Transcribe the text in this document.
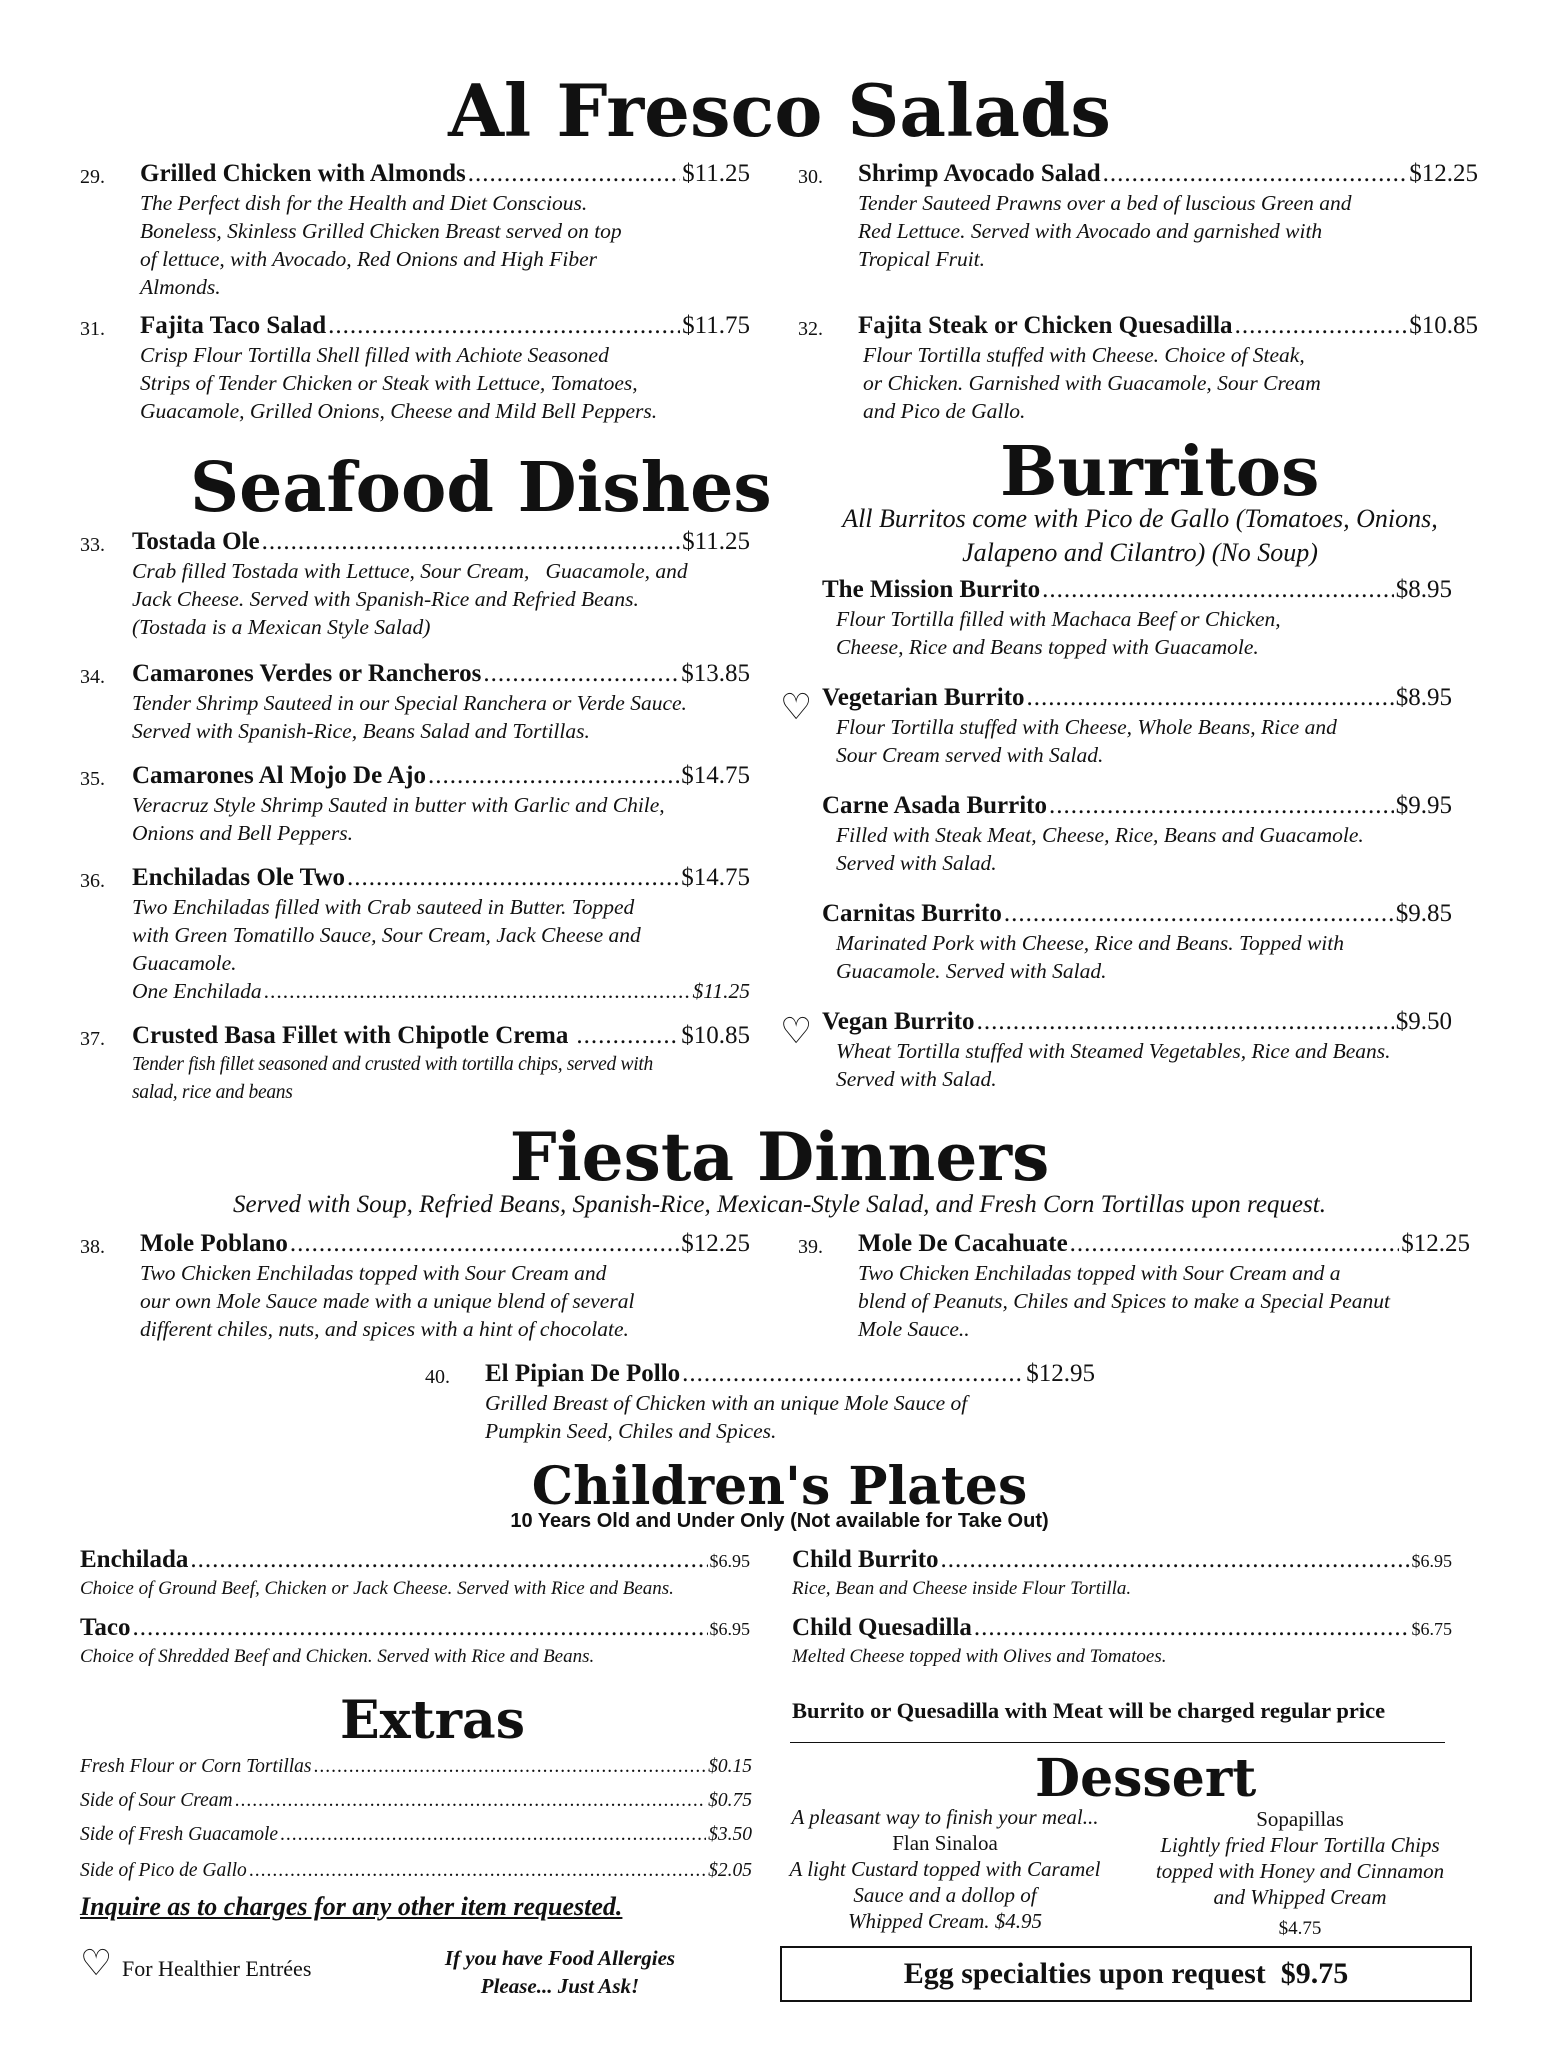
Al Fresco Salads
29. Grilled Chicken with Almonds .....	$11.25
The Perfect dish for the Health and Diet Conscious.
Boneless, Skinless Grilled Chicken Breast served on top
of lettuce, with Avocado, Red Onions and High Fiber
Almonds.
30. Shrimp Avocado Salad .....	$12.25
Tender Sauteed Prawns over a bed of luscious Green and
Red Lettuce. Served with Avocado and garnished with
Tropical Fruit.
31. Fajita Taco Salad .....	$11.75
Crisp Flour Tortilla Shell filled with Achiote Seasoned
Strips of Tender Chicken or Steak with Lettuce, Tomatoes,
Guacamole, Grilled Onions, Cheese and Mild Bell Peppers.
32. Fajita Steak or Chicken Quesadilla .....	$10.85
Flour Tortilla stuffed with Cheese. Choice of Steak,
or Chicken. Garnished with Guacamole, Sour Cream
and Pico de Gallo.
Seafood Dishes
33. Tostada Ole .....	$11.25
Crab filled Tostada with Lettuce, Sour Cream,   Guacamole, and
Jack Cheese. Served with Spanish-Rice and Refried Beans.
(Tostada is a Mexican Style Salad)
34. Camarones Verdes or Rancheros .....	$13.85
Tender Shrimp Sauteed in our Special Ranchera or Verde Sauce.
Served with Spanish-Rice, Beans Salad and Tortillas.
35. Camarones Al Mojo De Ajo .....	$14.75
Veracruz Style Shrimp Sauted in butter with Garlic and Chile,
Onions and Bell Peppers.
36. Enchiladas Ole Two .....	$14.75
Two Enchiladas filled with Crab sauteed in Butter. Topped
with Green Tomatillo Sauce, Sour Cream, Jack Cheese and
Guacamole.
One Enchilada .....	$11.25
37. Crusted Basa Fillet with Chipotle Crema .....	$10.85
Tender fish fillet seasoned and crusted with tortilla chips, served with
salad, rice and beans
Burritos
All Burritos come with Pico de Gallo (Tomatoes, Onions,
Jalapeno and Cilantro) (No Soup)
The Mission Burrito .....	$8.95
Flour Tortilla filled with Machaca Beef or Chicken,
Cheese, Rice and Beans topped with Guacamole.
♡ Vegetarian Burrito .....	$8.95
Flour Tortilla stuffed with Cheese, Whole Beans, Rice and
Sour Cream served with Salad.
Carne Asada Burrito .....	$9.95
Filled with Steak Meat, Cheese, Rice, Beans and Guacamole.
Served with Salad.
Carnitas Burrito .....	$9.85
Marinated Pork with Cheese, Rice and Beans. Topped with
Guacamole. Served with Salad.
♡ Vegan Burrito .....	$9.50
Wheat Tortilla stuffed with Steamed Vegetables, Rice and Beans.
Served with Salad.
Fiesta Dinners
Served with Soup, Refried Beans, Spanish-Rice, Mexican-Style Salad, and Fresh Corn Tortillas upon request.
38. Mole Poblano .....	$12.25
Two Chicken Enchiladas topped with Sour Cream and
our own Mole Sauce made with a unique blend of several
different chiles, nuts, and spices with a hint of chocolate.
39. Mole De Cacahuate .....	$12.25
Two Chicken Enchiladas topped with Sour Cream and a
blend of Peanuts, Chiles and Spices to make a Special Peanut
Mole Sauce..
40. El Pipian De Pollo .....	$12.95
Grilled Breast of Chicken with an unique Mole Sauce of
Pumpkin Seed, Chiles and Spices.
Children's Plates
10 Years Old and Under Only (Not available for Take Out)
Enchilada .....	$6.95
Choice of Ground Beef, Chicken or Jack Cheese. Served with Rice and Beans.
Taco .....	$6.95
Choice of Shredded Beef and Chicken. Served with Rice and Beans.
Child Burrito .....	$6.95
Rice, Bean and Cheese inside Flour Tortilla.
Child Quesadilla .....	$6.75
Melted Cheese topped with Olives and Tomatoes.
Burrito or Quesadilla with Meat will be charged regular price
Extras
Fresh Flour or Corn Tortillas .....	$0.15
Side of Sour Cream .....	$0.75
Side of Fresh Guacamole .....	$3.50
Side of Pico de Gallo .....	$2.05
Inquire as to charges for any other item requested.
Dessert
A pleasant way to finish your meal...
Flan Sinaloa
A light Custard topped with Caramel
Sauce and a dollop of
Whipped Cream. $4.95
Sopapillas
Lightly fried Flour Tortilla Chips
topped with Honey and Cinnamon
and Whipped Cream
$4.75
♡ For Healthier Entrées	If you have Food Allergies
Please... Just Ask!	Egg specialties upon request  $9.75
